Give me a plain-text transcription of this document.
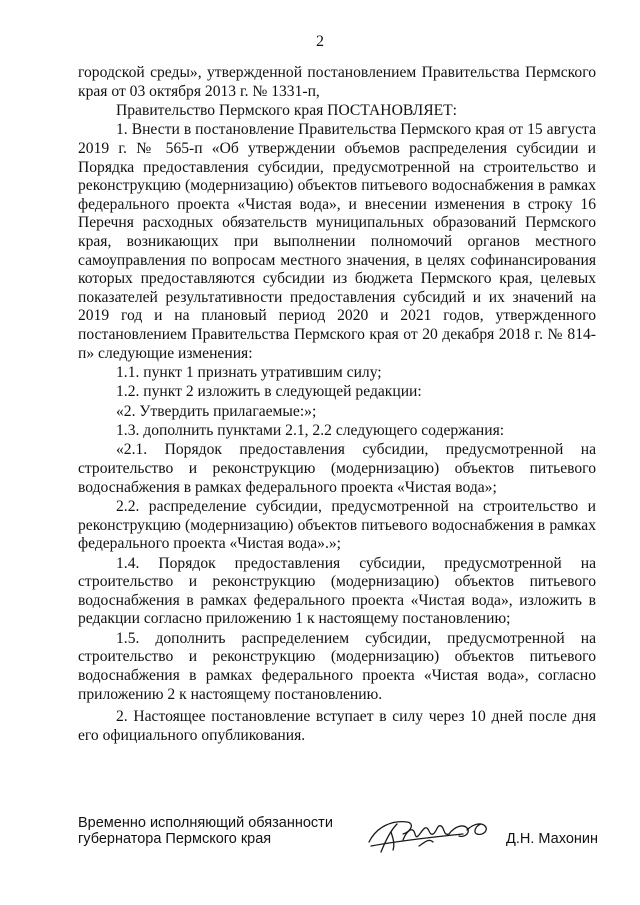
2

городской среды», утвержденной постановлением Правительства Пермского края от 03 октября 2013 г. № 1331-п,

Правительство Пермского края ПОСТАНОВЛЯЕТ:

1. Внести в постановление Правительства Пермского края от 15 августа 2019 г. № 565-п «Об утверждении объемов распределения субсидии и Порядка предоставления субсидии, предусмотренной на строительство и реконструкцию (модернизацию) объектов питьевого водоснабжения в рамках федерального проекта «Чистая вода», и внесении изменения в строку 16 Перечня расходных обязательств муниципальных образований Пермского края, возникающих при выполнении полномочий органов местного самоуправления по вопросам местного значения, в целях софинансирования которых предоставляются субсидии из бюджета Пермского края, целевых показателей результативности предоставления субсидий и их значений на 2019 год и на плановый период 2020 и 2021 годов, утвержденного постановлением Правительства Пермского края от 20 декабря 2018 г. № 814-п» следующие изменения:

1.1. пункт 1 признать утратившим силу;

1.2. пункт 2 изложить в следующей редакции:

«2. Утвердить прилагаемые:»;

1.3. дополнить пунктами 2.1, 2.2 следующего содержания:

«2.1. Порядок предоставления субсидии, предусмотренной на строительство и реконструкцию (модернизацию) объектов питьевого водоснабжения в рамках федерального проекта «Чистая вода»;

2.2. распределение субсидии, предусмотренной на строительство и реконструкцию (модернизацию) объектов питьевого водоснабжения в рамках федерального проекта «Чистая вода».»;

1.4. Порядок предоставления субсидии, предусмотренной на строительство и реконструкцию (модернизацию) объектов питьевого водоснабжения в рамках федерального проекта «Чистая вода», изложить в редакции согласно приложению 1 к настоящему постановлению;

1.5. дополнить распределением субсидии, предусмотренной на строительство и реконструкцию (модернизацию) объектов питьевого водоснабжения в рамках федерального проекта «Чистая вода», согласно приложению 2 к настоящему постановлению.

2. Настоящее постановление вступает в силу через 10 дней после дня его официального опубликования.

Временно исполняющий обязанности
губернатора Пермского края	Д.Н. Махонин
